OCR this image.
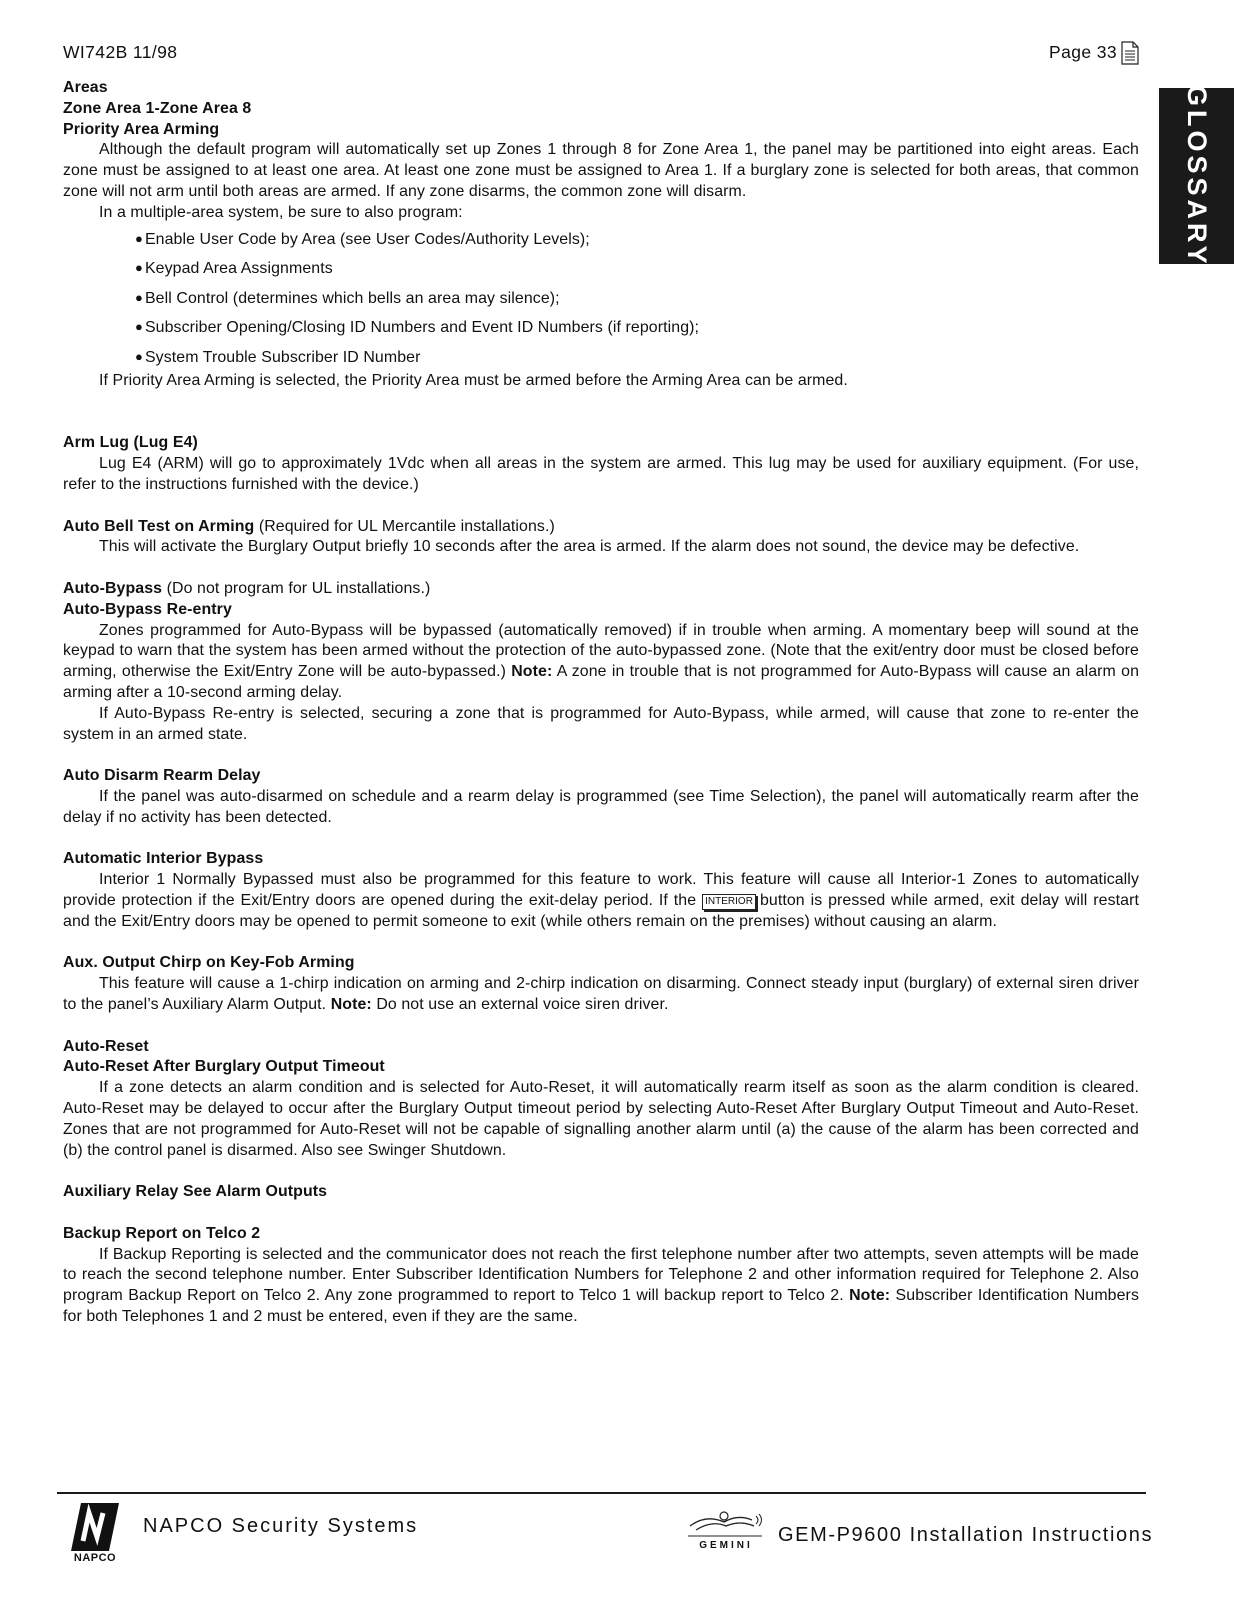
WI742B 11/98	Page 33
GLOSSARY

Areas

Zone Area 1-Zone Area 8

Priority Area Arming

Although the default program will automatically set up Zones 1 through 8 for Zone Area 1, the panel may be partitioned into eight areas. Each zone must be assigned to at least one area. At least one zone must be assigned to Area 1. If a burglary zone is selected for both areas, that common zone will not arm until both areas are armed. If any zone disarms, the common zone will disarm.

In a multiple-area system, be sure to also program:

● Enable User Code by Area (see User Codes/Authority Levels);
● Keypad Area Assignments
● Bell Control (determines which bells an area may silence);
● Subscriber Opening/Closing ID Numbers and Event ID Numbers (if reporting);
● System Trouble Subscriber ID Number

If Priority Area Arming is selected, the Priority Area must be armed before the Arming Area can be armed.

Arm Lug (Lug E4)

Lug E4 (ARM) will go to approximately 1Vdc when all areas in the system are armed. This lug may be used for auxiliary equipment. (For use, refer to the instructions furnished with the device.)

Auto Bell Test on Arming (Required for UL Mercantile installations.)

This will activate the Burglary Output briefly 10 seconds after the area is armed. If the alarm does not sound, the device may be defective.

Auto-Bypass (Do not program for UL installations.)

Auto-Bypass Re-entry

Zones programmed for Auto-Bypass will be bypassed (automatically removed) if in trouble when arming. A momentary beep will sound at the keypad to warn that the system has been armed without the protection of the auto-bypassed zone. (Note that the exit/entry door must be closed before arming, otherwise the Exit/Entry Zone will be auto-bypassed.) Note: A zone in trouble that is not programmed for Auto-Bypass will cause an alarm on arming after a 10-second arming delay.

If Auto-Bypass Re-entry is selected, securing a zone that is programmed for Auto-Bypass, while armed, will cause that zone to re-enter the system in an armed state.

Auto Disarm Rearm Delay

If the panel was auto-disarmed on schedule and a rearm delay is programmed (see Time Selection), the panel will automatically rearm after the delay if no activity has been detected.

Automatic Interior Bypass

Interior 1 Normally Bypassed must also be programmed for this feature to work. This feature will cause all Interior-1 Zones to automatically provide protection if the Exit/Entry doors are opened during the exit-delay period. If the INTERIOR button is pressed while armed, exit delay will restart and the Exit/Entry doors may be opened to permit someone to exit (while others remain on the premises) without causing an alarm.

Aux. Output Chirp on Key-Fob Arming

This feature will cause a 1-chirp indication on arming and 2-chirp indication on disarming. Connect steady input (burglary) of external siren driver to the panel’s Auxiliary Alarm Output. Note: Do not use an external voice siren driver.

Auto-Reset

Auto-Reset After Burglary Output Timeout

If a zone detects an alarm condition and is selected for Auto-Reset, it will automatically rearm itself as soon as the alarm condition is cleared. Auto-Reset may be delayed to occur after the Burglary Output timeout period by selecting Auto-Reset After Burglary Output Timeout and Auto-Reset. Zones that are not programmed for Auto-Reset will not be capable of signalling another alarm until (a) the cause of the alarm has been corrected and (b) the control panel is disarmed. Also see Swinger Shutdown.

Auxiliary Relay See Alarm Outputs

Backup Report on Telco 2

If Backup Reporting is selected and the communicator does not reach the first telephone number after two attempts, seven attempts will be made to reach the second telephone number. Enter Subscriber Identification Numbers for Telephone 2 and other information required for Telephone 2. Also program Backup Report on Telco 2. Any zone programmed to report to Telco 1 will backup report to Telco 2. Note: Subscriber Identification Numbers for both Telephones 1 and 2 must be entered, even if they are the same.

NAPCO
NAPCO Security Systems
GEMINI GEM-P9600 Installation Instructions
